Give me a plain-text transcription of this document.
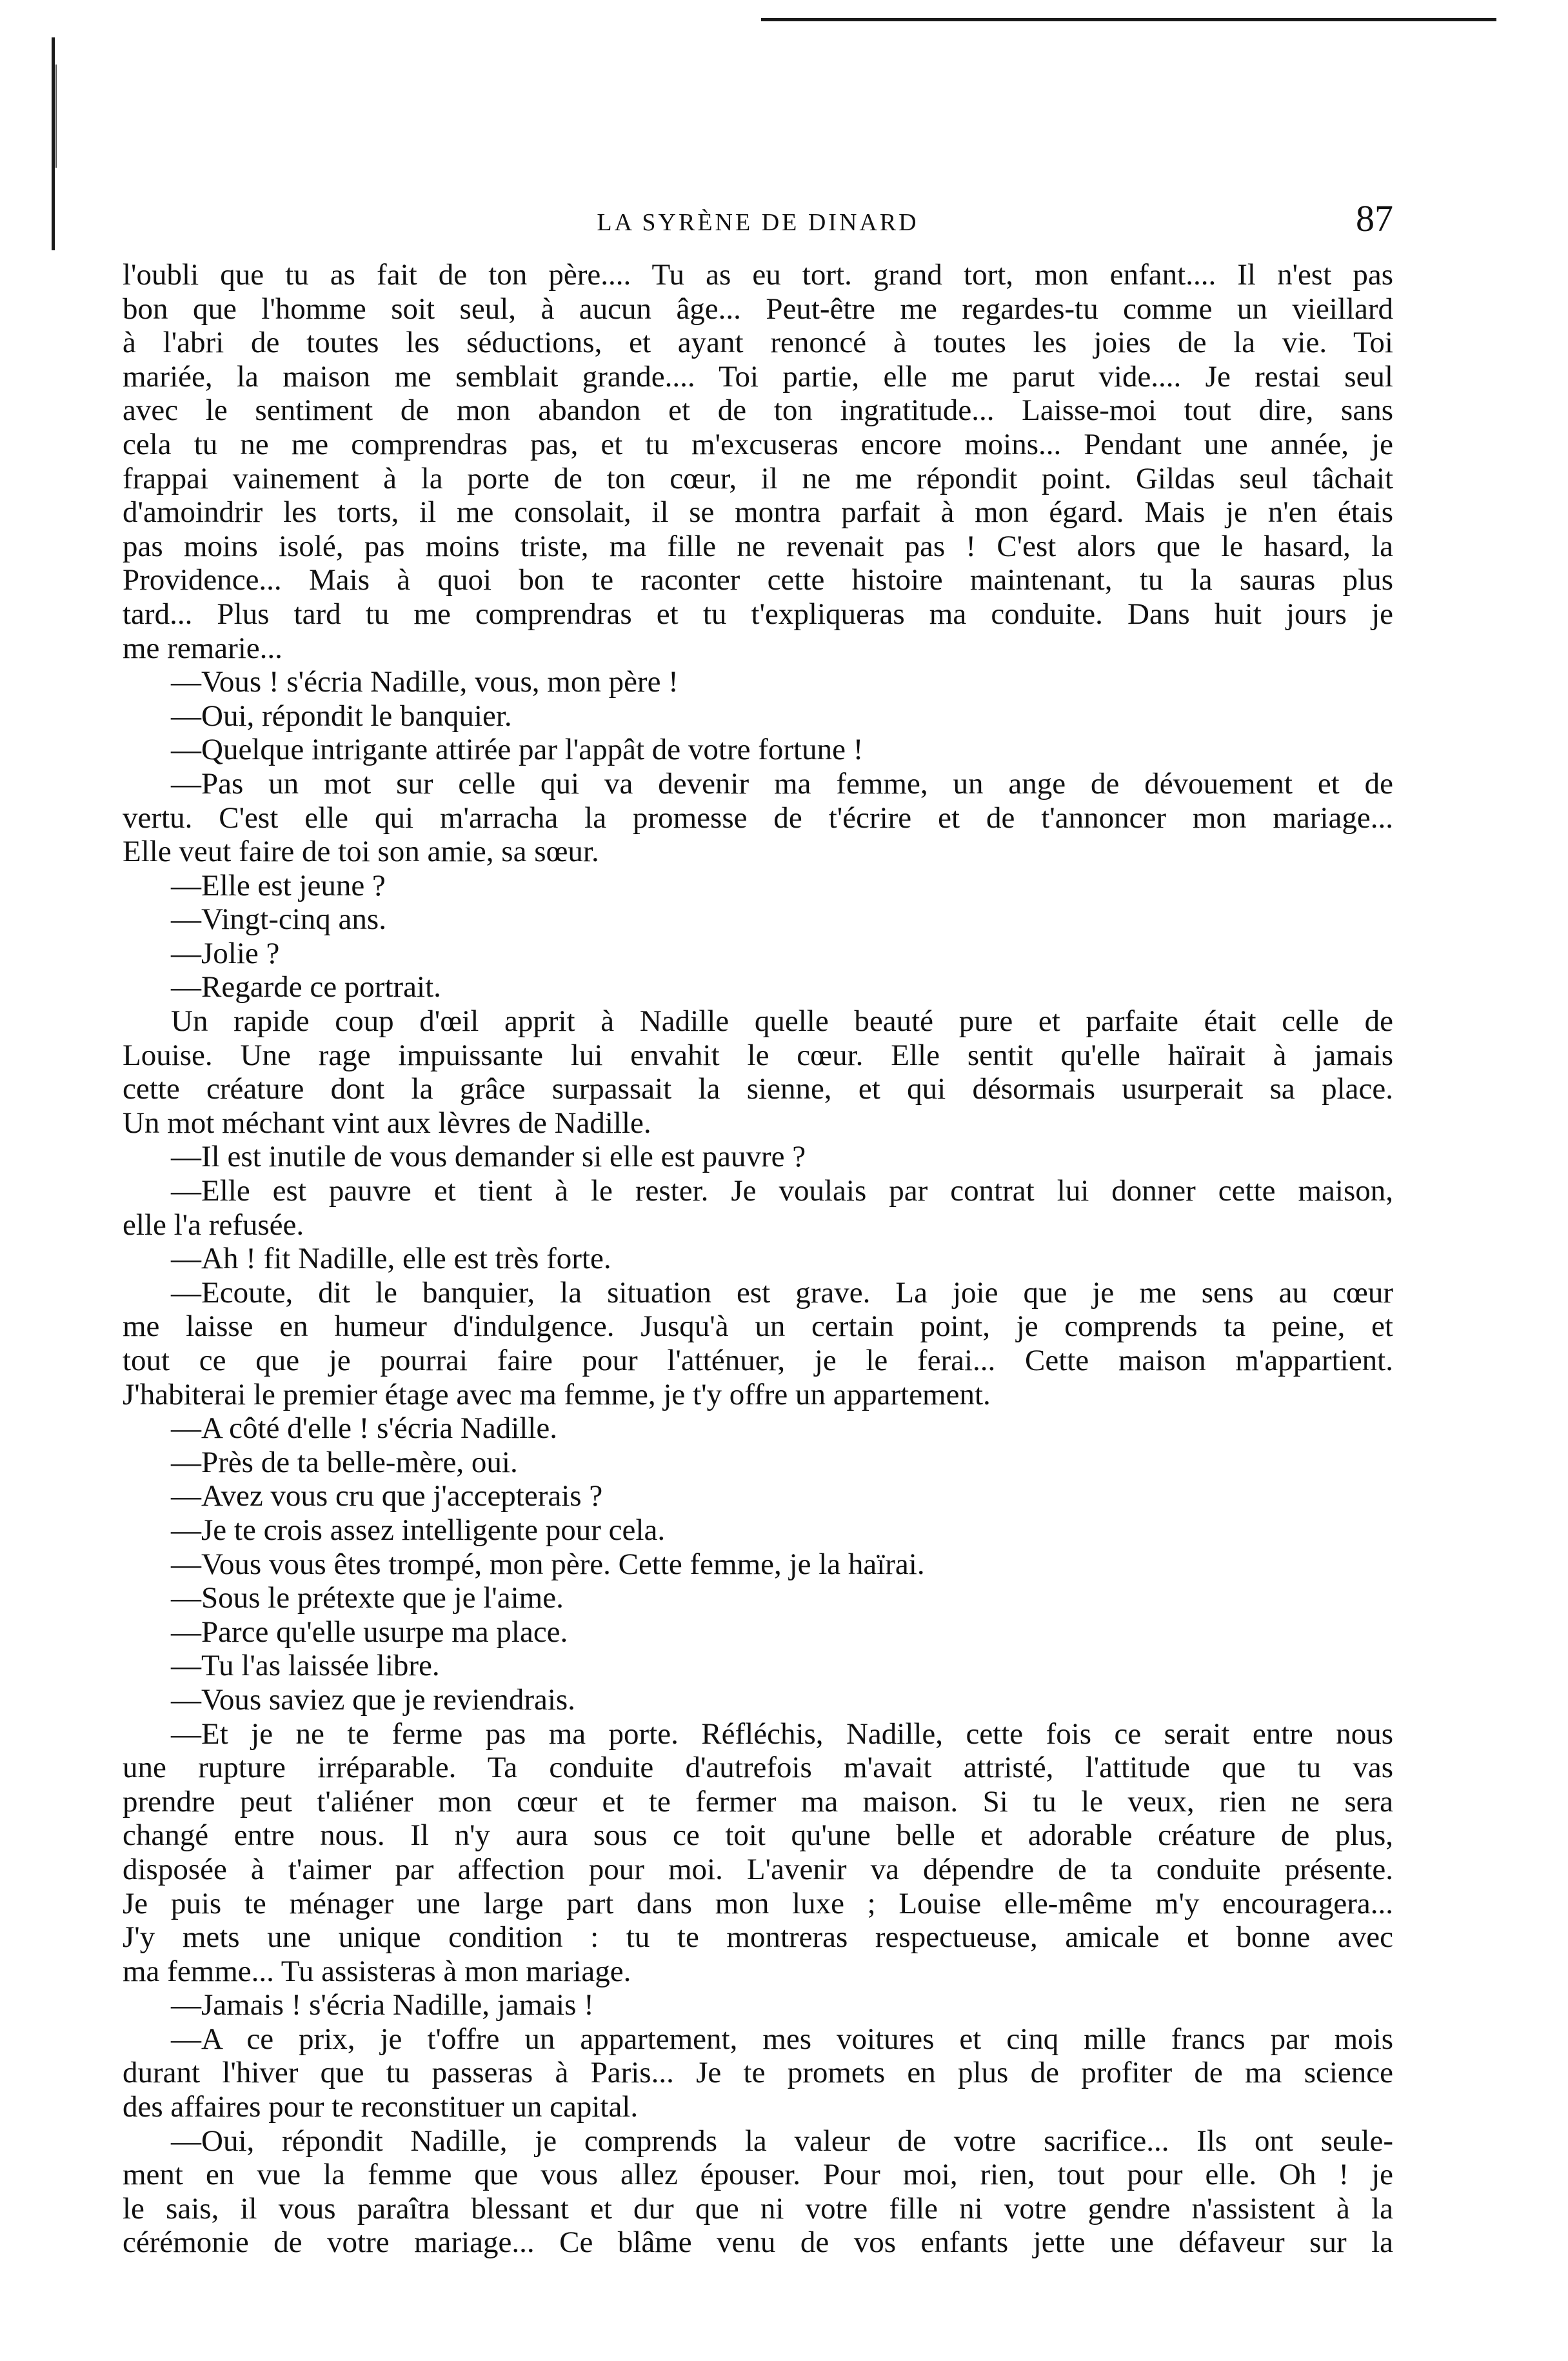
LA SYRÈNE DE DINARD	87

l'oubli que tu as fait de ton père.... Tu as eu tort. grand tort, mon enfant.... Il n'est pas

bon que l'homme soit seul, à aucun âge... Peut-être me regardes-tu comme un vieillard

à l'abri de toutes les séductions, et ayant renoncé à toutes les joies de la vie. Toi

mariée, la maison me semblait grande.... Toi partie, elle me parut vide.... Je restai seul

avec le sentiment de mon abandon et de ton ingratitude... Laisse-moi tout dire, sans

cela tu ne me comprendras pas, et tu m'excuseras encore moins... Pendant une année, je

frappai vainement à la porte de ton cœur, il ne me répondit point. Gildas seul tâchait

d'amoindrir les torts, il me consolait, il se montra parfait à mon égard. Mais je n'en étais

pas moins isolé, pas moins triste, ma fille ne revenait pas ! C'est alors que le hasard, la

Providence... Mais à quoi bon te raconter cette histoire maintenant, tu la sauras plus

tard... Plus tard tu me comprendras et tu t'expliqueras ma conduite. Dans huit jours je

me remarie...

—Vous ! s'écria Nadille, vous, mon père !

—Oui, répondit le banquier.

—Quelque intrigante attirée par l'appât de votre fortune !

—Pas un mot sur celle qui va devenir ma femme, un ange de dévouement et de

vertu. C'est elle qui m'arracha la promesse de t'écrire et de t'annoncer mon mariage...

Elle veut faire de toi son amie, sa sœur.

—Elle est jeune ?

—Vingt-cinq ans.

—Jolie ?

—Regarde ce portrait.

Un rapide coup d'œil apprit à Nadille quelle beauté pure et parfaite était celle de

Louise. Une rage impuissante lui envahit le cœur. Elle sentit qu'elle haïrait à jamais

cette créature dont la grâce surpassait la sienne, et qui désormais usurperait sa place.

Un mot méchant vint aux lèvres de Nadille.

—Il est inutile de vous demander si elle est pauvre ?

—Elle est pauvre et tient à le rester. Je voulais par contrat lui donner cette maison,

elle l'a refusée.

—Ah ! fit Nadille, elle est très forte.

—Ecoute, dit le banquier, la situation est grave. La joie que je me sens au cœur

me laisse en humeur d'indulgence. Jusqu'à un certain point, je comprends ta peine, et

tout ce que je pourrai faire pour l'atténuer, je le ferai... Cette maison m'appartient.

J'habiterai le premier étage avec ma femme, je t'y offre un appartement.

—A côté d'elle ! s'écria Nadille.

—Près de ta belle-mère, oui.

—Avez vous cru que j'accepterais ?

—Je te crois assez intelligente pour cela.

—Vous vous êtes trompé, mon père. Cette femme, je la haïrai.

—Sous le prétexte que je l'aime.

—Parce qu'elle usurpe ma place.

—Tu l'as laissée libre.

—Vous saviez que je reviendrais.

—Et je ne te ferme pas ma porte. Réfléchis, Nadille, cette fois ce serait entre nous

une rupture irréparable. Ta conduite d'autrefois m'avait attristé, l'attitude que tu vas

prendre peut t'aliéner mon cœur et te fermer ma maison. Si tu le veux, rien ne sera

changé entre nous. Il n'y aura sous ce toit qu'une belle et adorable créature de plus,

disposée à t'aimer par affection pour moi. L'avenir va dépendre de ta conduite présente.

Je puis te ménager une large part dans mon luxe ; Louise elle-même m'y encouragera...

J'y mets une unique condition : tu te montreras respectueuse, amicale et bonne avec

ma femme... Tu assisteras à mon mariage.

—Jamais ! s'écria Nadille, jamais !

—A ce prix, je t'offre un appartement, mes voitures et cinq mille francs par mois

durant l'hiver que tu passeras à Paris... Je te promets en plus de profiter de ma science

des affaires pour te reconstituer un capital.

—Oui, répondit Nadille, je comprends la valeur de votre sacrifice... Ils ont seule-

ment en vue la femme que vous allez épouser. Pour moi, rien, tout pour elle. Oh ! je

le sais, il vous paraîtra blessant et dur que ni votre fille ni votre gendre n'assistent à la

cérémonie de votre mariage... Ce blâme venu de vos enfants jette une défaveur sur la
